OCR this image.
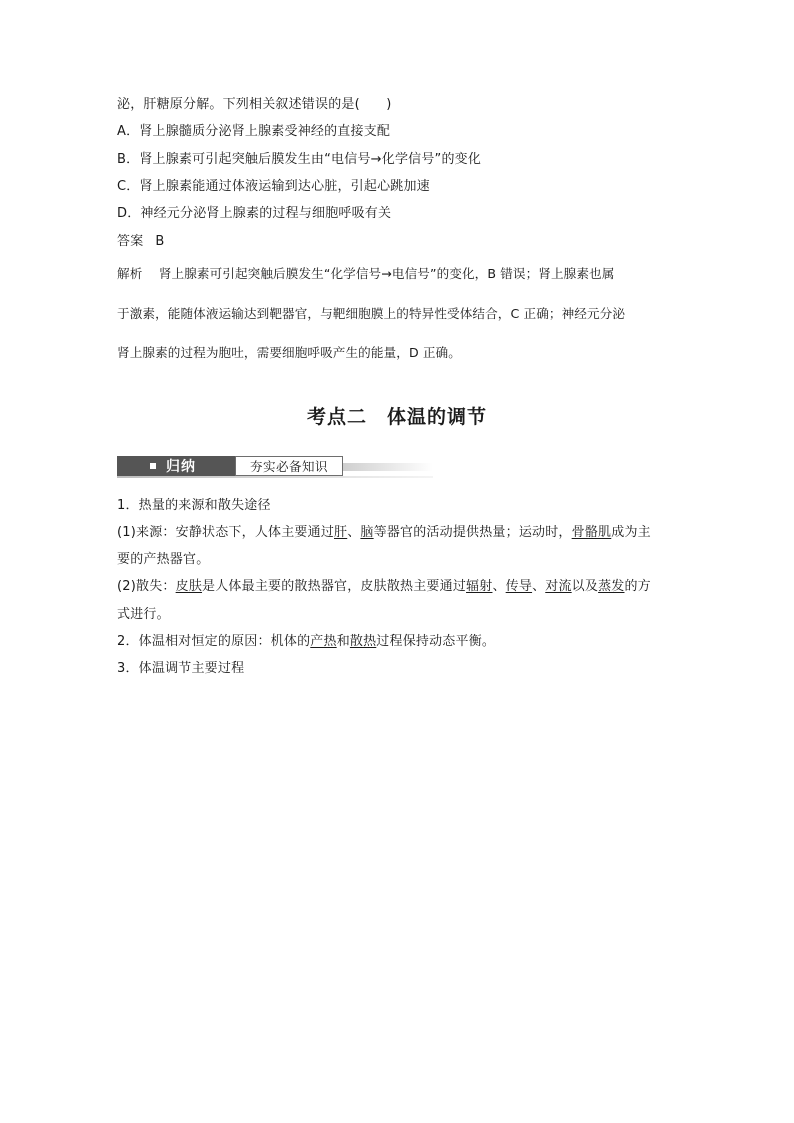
泌，肝糖原分解。下列相关叙述错误的是(　　)
A．肾上腺髓质分泌肾上腺素受神经的直接支配
B．肾上腺素可引起突触后膜发生由“电信号→化学信号”的变化
C．肾上腺素能通过体液运输到达心脏，引起心跳加速
D．神经元分泌肾上腺素的过程与细胞呼吸有关
答案 B
解析 肾上腺素可引起突触后膜发生“化学信号→电信号”的变化，B 错误；肾上腺素也属
于激素，能随体液运输达到靶器官，与靶细胞膜上的特异性受体结合，C 正确；神经元分泌
肾上腺素的过程为胞吐，需要细胞呼吸产生的能量，D 正确。
考点二　体温的调节
归纳	夯实必备知识
1．热量的来源和散失途径
(1)来源：安静状态下，人体主要通过肝、脑等器官的活动提供热量；运动时，骨骼肌成为主
要的产热器官。
(2)散失：皮肤是人体最主要的散热器官，皮肤散热主要通过辐射、传导、对流以及蒸发的方
式进行。
2．体温相对恒定的原因：机体的产热和散热过程保持动态平衡。
3．体温调节主要过程
